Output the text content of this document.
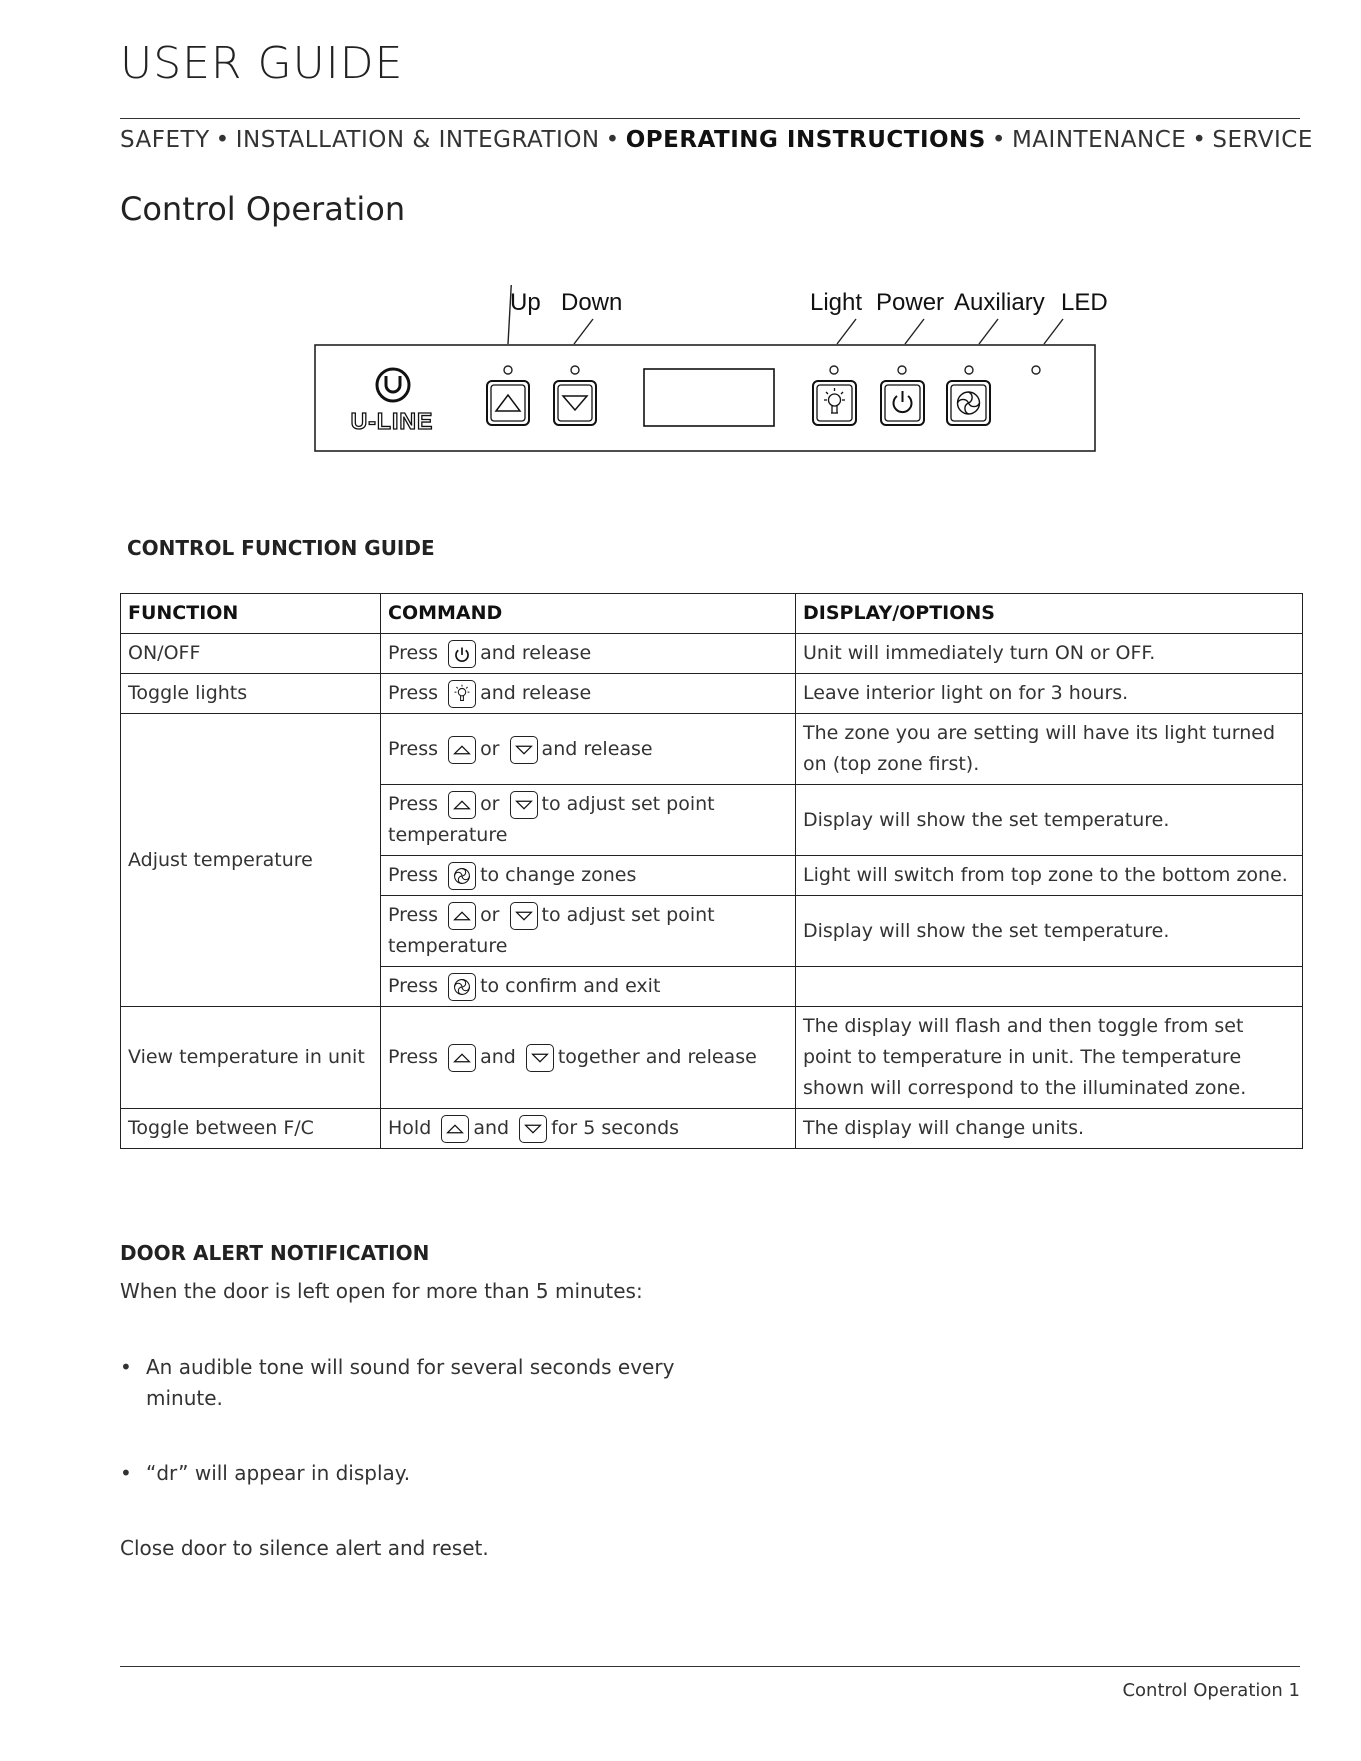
USER GUIDE
SAFETY • INSTALLATION & INTEGRATION • OPERATING INSTRUCTIONS • MAINTENANCE • SERVICE
Control Operation
Up Down	Light Power Auxiliary LED
U-LINE
CONTROL FUNCTION GUIDE
FUNCTION	COMMAND	DISPLAY/OPTIONS
ON/OFF	Press and release	Unit will immediately turn ON or OFF.
Toggle lights	Press and release	Leave interior light on for 3 hours.
Adjust temperature	Press or and release	The zone you are setting will have its light turned on (top zone first).
	Press or to adjust set point temperature	Display will show the set temperature.
	Press to change zones	Light will switch from top zone to the bottom zone.
	Press or to adjust set point temperature	Display will show the set temperature.
	Press to confirm and exit	
View temperature in unit	Press and together and release	The display will flash and then toggle from set point to temperature in unit. The temperature shown will correspond to the illuminated zone.
Toggle between F/C	Hold and for 5 seconds	The display will change units.
DOOR ALERT NOTIFICATION

When the door is left open for more than 5 minutes:

• An audible tone will sound for several seconds every minute.
• “dr” will appear in display.

Close door to silence alert and reset.

Control Operation 1
